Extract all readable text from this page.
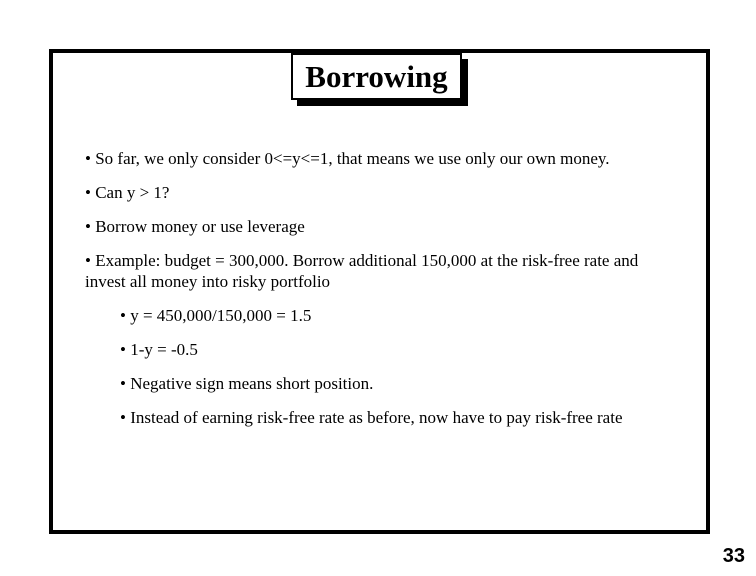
Borrowing

• So far, we only consider 0<=y<=1, that means we use only our own money.

• Can y > 1?

• Borrow money or use leverage

• Example: budget = 300,000. Borrow additional 150,000 at the risk-free rate and invest all money into risky portfolio

• y = 450,000/150,000 = 1.5

• 1-y = -0.5

• Negative sign means short position.

• Instead of earning risk-free rate as before, now have to pay risk-free rate

33
